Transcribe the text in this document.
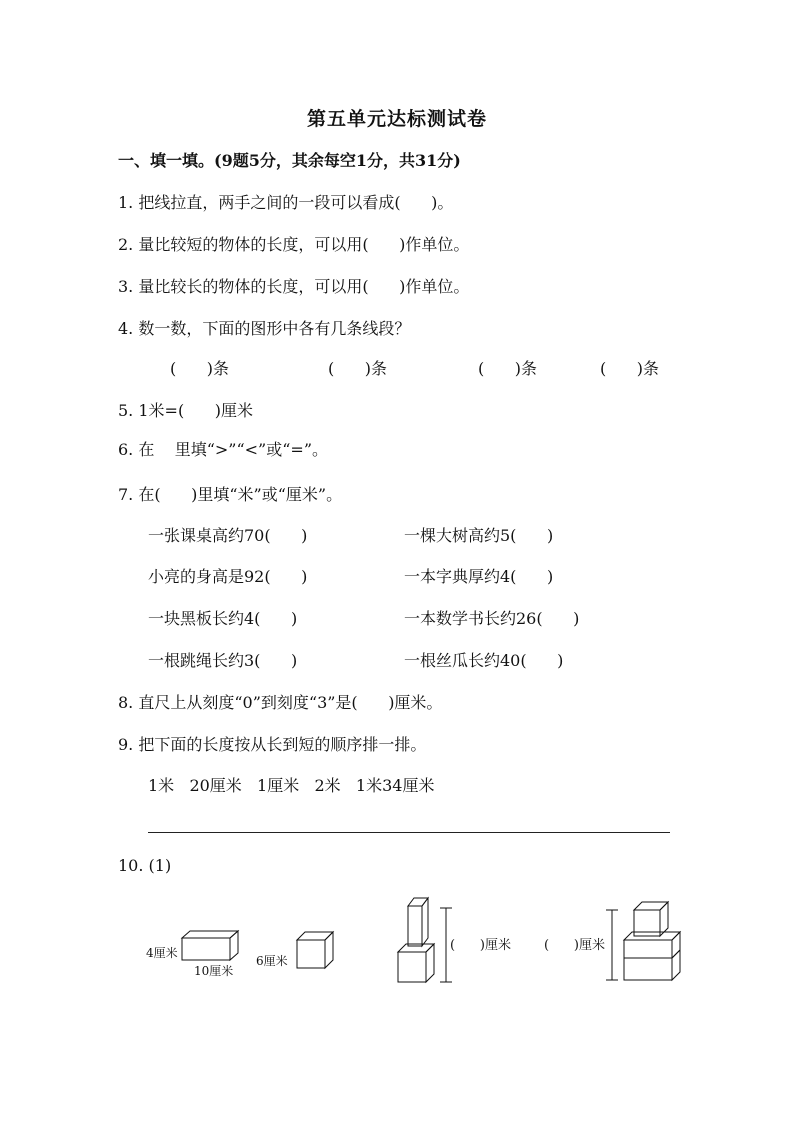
第五单元达标测试卷
一、填一填。(9题5分，其余每空1分，共31分)
1. 把线拉直，两手之间的一段可以看成(      )。
2. 量比较短的物体的长度，可以用(      )作单位。
3. 量比较长的物体的长度，可以用(      )作单位。
4. 数一数，下面的图形中各有几条线段？
(      )条	(      )条	(      )条	(      )条
5. 1米=(      )厘米
6. 在    里填“>”“<”或“=”。
7. 在(      )里填“米”或“厘米”。
一张课桌高约70(      )	一棵大树高约5(      )
小亮的身高是92(      )	一本字典厚约4(      )
一块黑板长约4(      )	一本数学书长约26(      )
一根跳绳长约3(      )	一根丝瓜长约40(      )
8. 直尺上从刻度“0”到刻度“3”是(      )厘米。
9. 把下面的长度按从长到短的顺序排一排。
1米   20厘米   1厘米   2米   1米34厘米
10. (1)
4厘米
10厘米
6厘米
(      )厘米	(      )厘米
